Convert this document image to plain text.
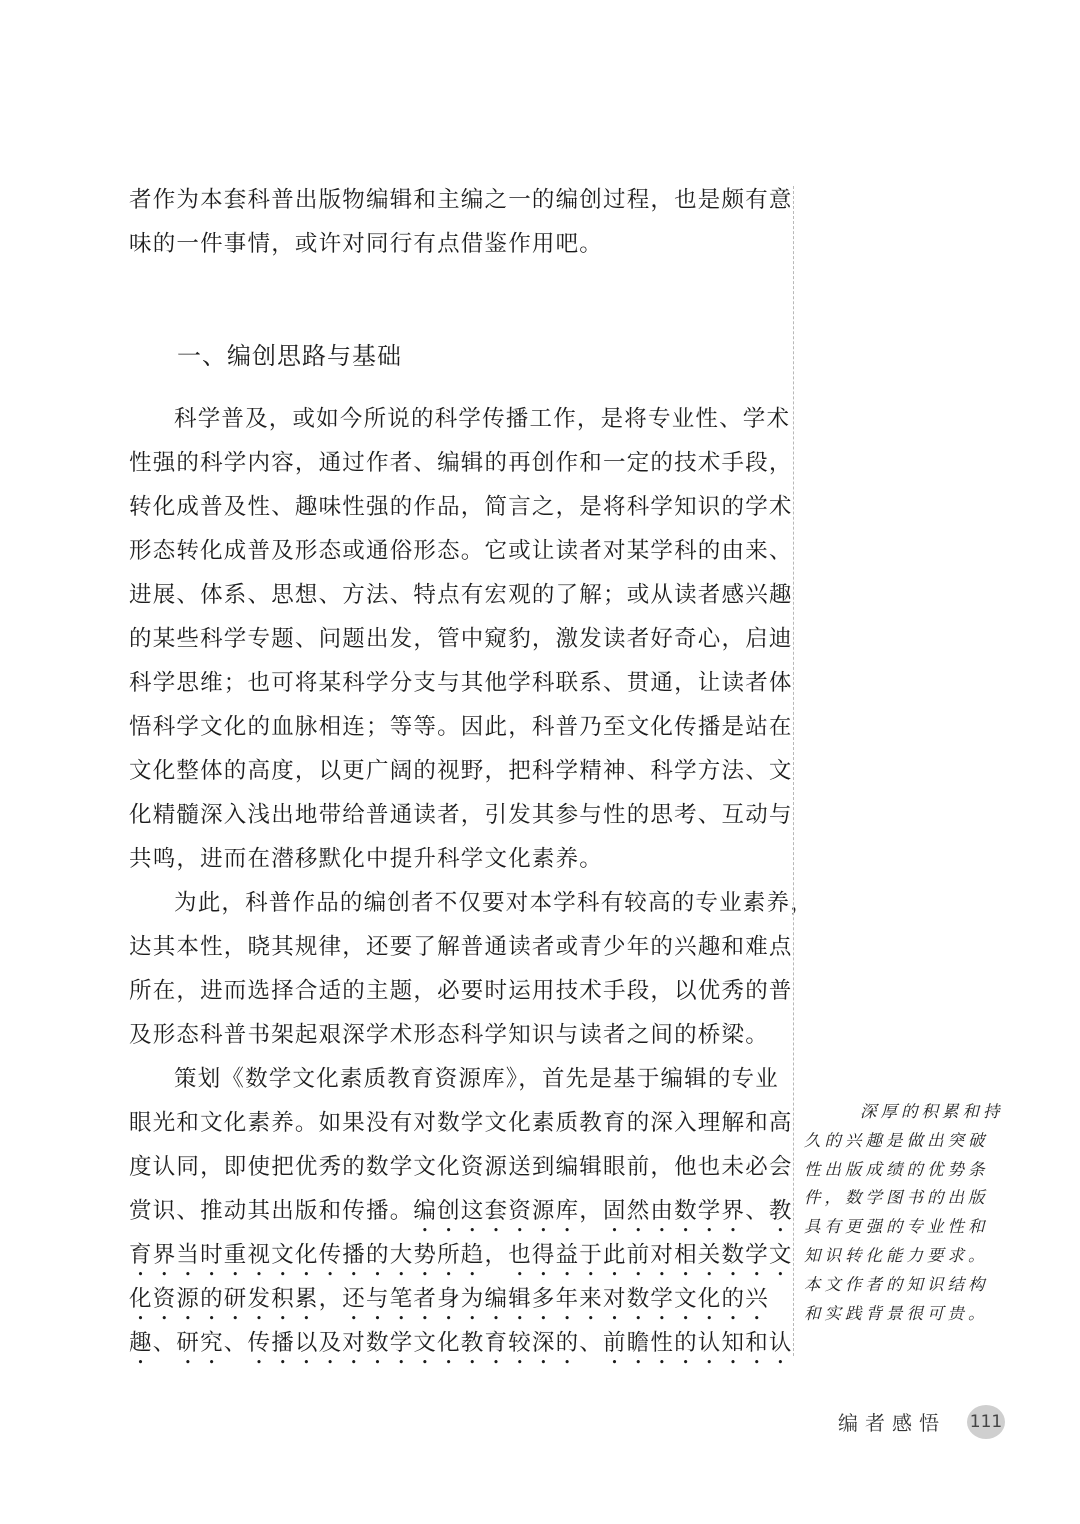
者作为本套科普出版物编辑和主编之一的编创过程，也是颇有意
味的一件事情，或许对同行有点借鉴作用吧。
一、编创思路与基础
科学普及，或如今所说的科学传播工作，是将专业性、学术
性强的科学内容，通过作者、编辑的再创作和一定的技术手段，
转化成普及性、趣味性强的作品，简言之，是将科学知识的学术
形态转化成普及形态或通俗形态。它或让读者对某学科的由来、
进展、体系、思想、方法、特点有宏观的了解；或从读者感兴趣
的某些科学专题、问题出发，管中窥豹，激发读者好奇心，启迪
科学思维；也可将某科学分支与其他学科联系、贯通，让读者体
悟科学文化的血脉相连；等等。因此，科普乃至文化传播是站在
文化整体的高度，以更广阔的视野，把科学精神、科学方法、文
化精髓深入浅出地带给普通读者，引发其参与性的思考、互动与
共鸣，进而在潜移默化中提升科学文化素养。
为此，科普作品的编创者不仅要对本学科有较高的专业素养，
达其本性，晓其规律，还要了解普通读者或青少年的兴趣和难点
所在，进而选择合适的主题，必要时运用技术手段，以优秀的普
及形态科普书架起艰深学术形态科学知识与读者之间的桥梁。
策划《数学文化素质教育资源库》，首先是基于编辑的专业
眼光和文化素养。如果没有对数学文化素质教育的深入理解和高
度认同，即使把优秀的数学文化资源送到编辑眼前，他也未必会
赏识、推动其出版和传播。编创这套资源库，固然由数学界、教
育界当时重视文化传播的大势所趋，也得益于此前对相关数学文
化资源的研发积累，还与笔者身为编辑多年来对数学文化的兴
趣、研究、传播以及对数学文化教育较深的、前瞻性的认知和认
深厚的积累和持
久的兴趣是做出突破
性出版成绩的优势条
件，数学图书的出版
具有更强的专业性和
知识转化能力要求。
本文作者的知识结构
和实践背景很可贵。
编者感悟 111
